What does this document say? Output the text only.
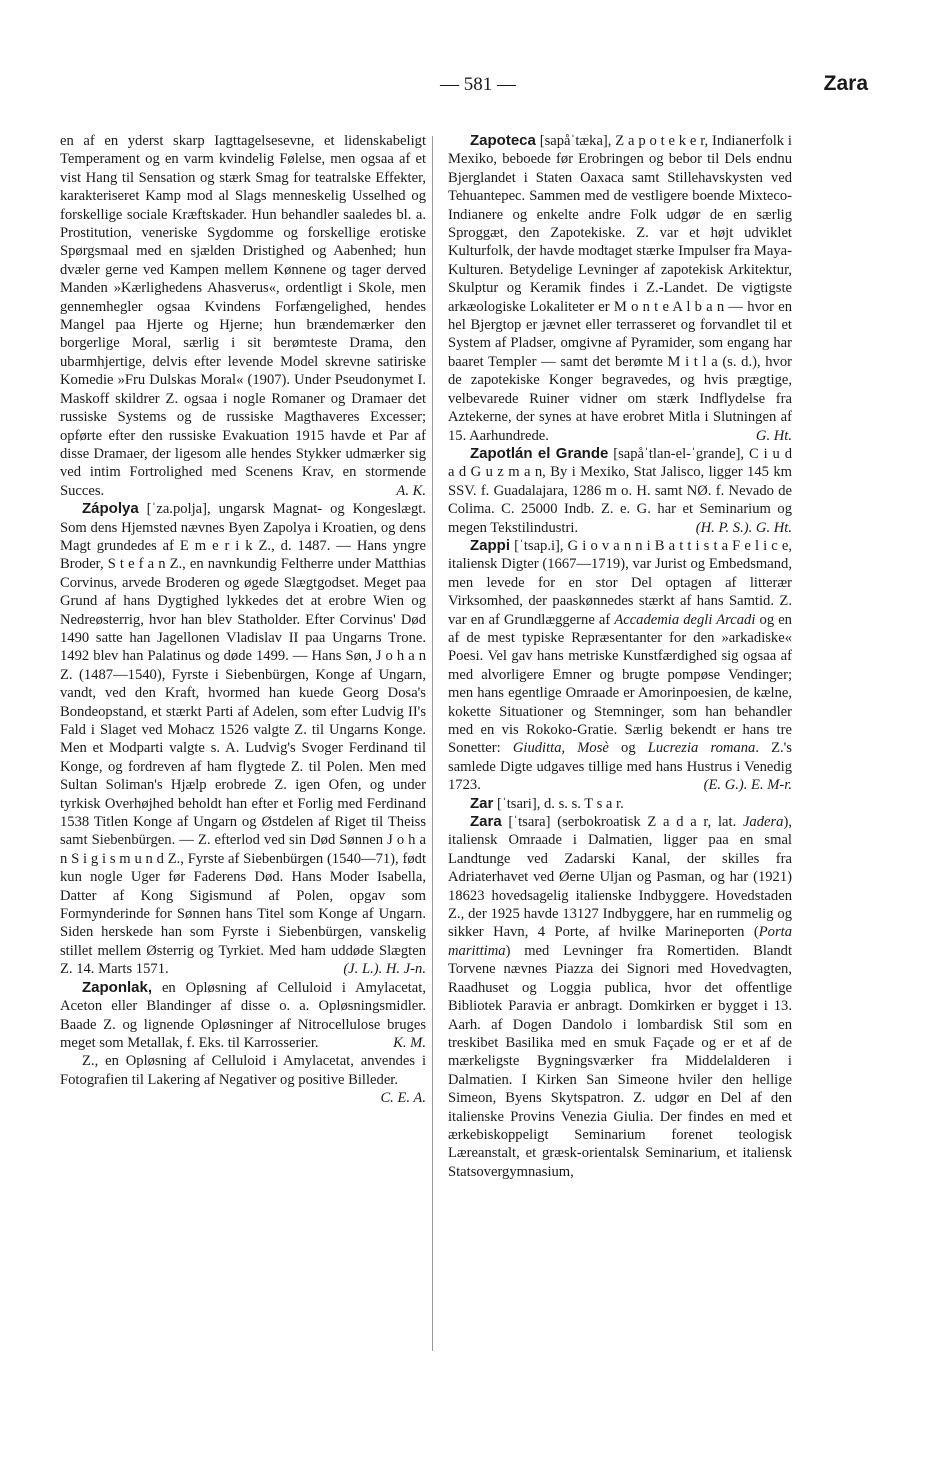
— 581 —	Zara

en af en yderst skarp Iagttagelsesevne, et lidenskabeligt Temperament og en varm kvindelig Følelse, men ogsaa af et vist Hang til Sensation og stærk Smag for teatralske Effekter, karakteriseret Kamp mod al Slags menneskelig Usselhed og forskellige sociale Kræftskader. Hun behandler saaledes bl. a. Prostitution, veneriske Sygdomme og forskellige erotiske Spørgsmaal med en sjælden Dristighed og Aabenhed; hun dvæler gerne ved Kampen mellem Kønnene og tager derved Manden »Kærlighedens Ahasverus«, ordentligt i Skole, men gennemhegler ogsaa Kvindens Forfængelighed, hendes Mangel paa Hjerte og Hjerne; hun brændemærker den borgerlige Moral, særlig i sit berømteste Drama, den ubarmhjertige, delvis efter levende Model skrevne satiriske Komedie »Fru Dulskas Moral« (1907). Under Pseudonymet I. Maskoff skildrer Z. ogsaa i nogle Romaner og Dramaer det russiske Systems og de russiske Magthaveres Excesser; opførte efter den russiske Evakuation 1915 havde et Par af disse Dramaer, der ligesom alle hendes Stykker udmærker sig ved intim Fortrolighed med Scenens Krav, en stormende Succes.	A. K.

Zápolya [ˈza.polja], ungarsk Magnat- og Kongeslægt. Som dens Hjemsted nævnes Byen Zapolya i Kroatien, og dens Magt grundedes af E m e r i k Z., d. 1487. — Hans yngre Broder, S t e f a n Z., en navnkundig Feltherre under Matthias Corvinus, arvede Broderen og øgede Slægtgodset. Meget paa Grund af hans Dygtighed lykkedes det at erobre Wien og Nedreøsterrig, hvor han blev Statholder. Efter Corvinus' Død 1490 satte han Jagellonen Vladislav II paa Ungarns Trone. 1492 blev han Palatinus og døde 1499. — Hans Søn, J o h a n Z. (1487—1540), Fyrste i Siebenbürgen, Konge af Ungarn, vandt, ved den Kraft, hvormed han kuede Georg Dosa's Bondeopstand, et stærkt Parti af Adelen, som efter Ludvig II's Fald i Slaget ved Mohacz 1526 valgte Z. til Ungarns Konge. Men et Modparti valgte s. A. Ludvig's Svoger Ferdinand til Konge, og fordreven af ham flygtede Z. til Polen. Men med Sultan Soliman's Hjælp erobrede Z. igen Ofen, og under tyrkisk Overhøjhed beholdt han efter et Forlig med Ferdinand 1538 Titlen Konge af Ungarn og Østdelen af Riget til Theiss samt Siebenbürgen. — Z. efterlod ved sin Død Sønnen J o h a n S i g i s m u n d Z., Fyrste af Siebenbürgen (1540—71), født kun nogle Uger før Faderens Død. Hans Moder Isabella, Datter af Kong Sigismund af Polen, opgav som Formynderinde for Sønnen hans Titel som Konge af Ungarn. Siden herskede han som Fyrste i Siebenbürgen, vanskelig stillet mellem Østerrig og Tyrkiet. Med ham uddøde Slægten Z. 14. Marts 1571.	(J. L.). H. J-n.

Zaponlak, en Opløsning af Celluloid i Amylacetat, Aceton eller Blandinger af disse o. a. Opløsningsmidler. Baade Z. og lignende Opløsninger af Nitrocellulose bruges meget som Metallak, f. Eks. til Karrosserier.	K. M.

Z., en Opløsning af Celluloid i Amylacetat, anvendes i Fotografien til Lakering af Negativer og positive Billeder.
C. E. A.

Zapoteca [sapåˈtæka], Z a p o t e k e r, Indianerfolk i Mexiko, beboede før Erobringen og bebor til Dels endnu Bjerglandet i Staten Oaxaca samt Stillehavskysten ved Tehuantepec. Sammen med de vestligere boende Mixteco-Indianere og enkelte andre Folk udgør de en særlig Sproggæt, den Zapotekiske. Z. var et højt udviklet Kulturfolk, der havde modtaget stærke Impulser fra Maya-Kulturen. Betydelige Levninger af zapotekisk Arkitektur, Skulptur og Keramik findes i Z.-Landet. De vigtigste arkæologiske Lokaliteter er M o n t e A l b a n — hvor en hel Bjergtop er jævnet eller terrasseret og forvandlet til et System af Pladser, omgivne af Pyramider, som engang har baaret Templer — samt det berømte M i t l a (s. d.), hvor de zapotekiske Konger begravedes, og hvis prægtige, velbevarede Ruiner vidner om stærk Indflydelse fra Aztekerne, der synes at have erobret Mitla i Slutningen af 15. Aarhundrede.	G. Ht.

Zapotlán el Grande [sapåˈtlan-el-ˈgrande], C i u d a d G u z m a n, By i Mexiko, Stat Jalisco, ligger 145 km SSV. f. Guadalajara, 1286 m o. H. samt NØ. f. Nevado de Colima. C. 25000 Indb. Z. e. G. har et Seminarium og megen Tekstilindustri.	(H. P. S.). G. Ht.

Zappi [ˈtsap.i], G i o v a n n i B a t t i s t a F e l i c e, italiensk Digter (1667—1719), var Jurist og Embedsmand, men levede for en stor Del optagen af litterær Virksomhed, der paaskønnedes stærkt af hans Samtid. Z. var en af Grundlæggerne af Accademia degli Arcadi og en af de mest typiske Repræsentanter for den »arkadiske« Poesi. Vel gav hans metriske Kunstfærdighed sig ogsaa af med alvorligere Emner og brugte pompøse Vendinger; men hans egentlige Omraade er Amorinpoesien, de kælne, kokette Situationer og Stemninger, som han behandler med en vis Rokoko-Gratie. Særlig bekendt er hans tre Sonetter: Giuditta, Mosè og Lucrezia romana. Z.'s samlede Digte udgaves tillige med hans Hustrus i Venedig 1723.	(E. G.). E. M-r.

Zar [ˈtsari], d. s. s. T s a r.

Zara [ˈtsara] (serbokroatisk Z a d a r, lat. Jadera), italiensk Omraade i Dalmatien, ligger paa en smal Landtunge ved Zadarski Kanal, der skilles fra Adriaterhavet ved Øerne Uljan og Pasman, og har (1921) 18623 hovedsagelig italienske Indbyggere. Hovedstaden Z., der 1925 havde 13127 Indbyggere, har en rummelig og sikker Havn, 4 Porte, af hvilke Marineporten (Porta marittima) med Levninger fra Romertiden. Blandt Torvene nævnes Piazza dei Signori med Hovedvagten, Raadhuset og Loggia publica, hvor det offentlige Bibliotek Paravia er anbragt. Domkirken er bygget i 13. Aarh. af Dogen Dandolo i lombardisk Stil som en treskibet Basilika med en smuk Façade og er et af de mærkeligste Bygningsværker fra Middelalderen i Dalmatien. I Kirken San Simeone hviler den hellige Simeon, Byens Skytspatron. Z. udgør en Del af den italienske Provins Venezia Giulia. Der findes en med et ærkebiskoppeligt Seminarium forenet teologisk Læreanstalt, et græsk-orientalsk Seminarium, et italiensk Statsovergymnasium,
